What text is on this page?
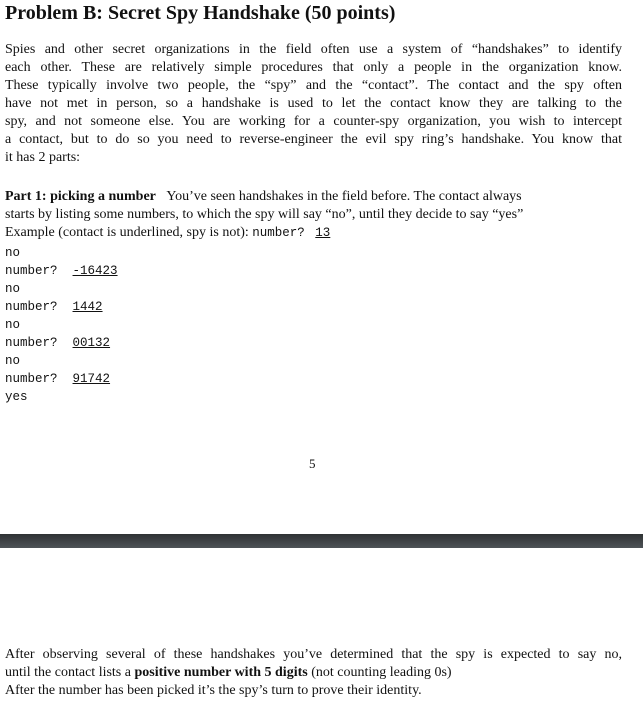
Problem B: Secret Spy Handshake (50 points)
Spies and other secret organizations in the field often use a system of “handshakes” to identify
each other. These are relatively simple procedures that only a people in the organization know.
These typically involve two people, the “spy” and the “contact”. The contact and the spy often
have not met in person, so a handshake is used to let the contact know they are talking to the
spy, and not someone else. You are working for a counter-spy organization, you wish to intercept
a contact, but to do so you need to reverse-engineer the evil spy ring’s handshake. You know that
it has 2 parts:
Part 1: picking a number You’ve seen handshakes in the field before. The contact always
starts by listing some numbers, to which the spy will say “no”, until they decide to say “yes”
Example (contact is underlined, spy is not): number? 13
no
number? -16423
no
number? 1442
no
number? 00132
no
number? 91742
yes
5
After observing several of these handshakes you’ve determined that the spy is expected to say no,
until the contact lists a positive number with 5 digits (not counting leading 0s)
After the number has been picked it’s the spy’s turn to prove their identity.
